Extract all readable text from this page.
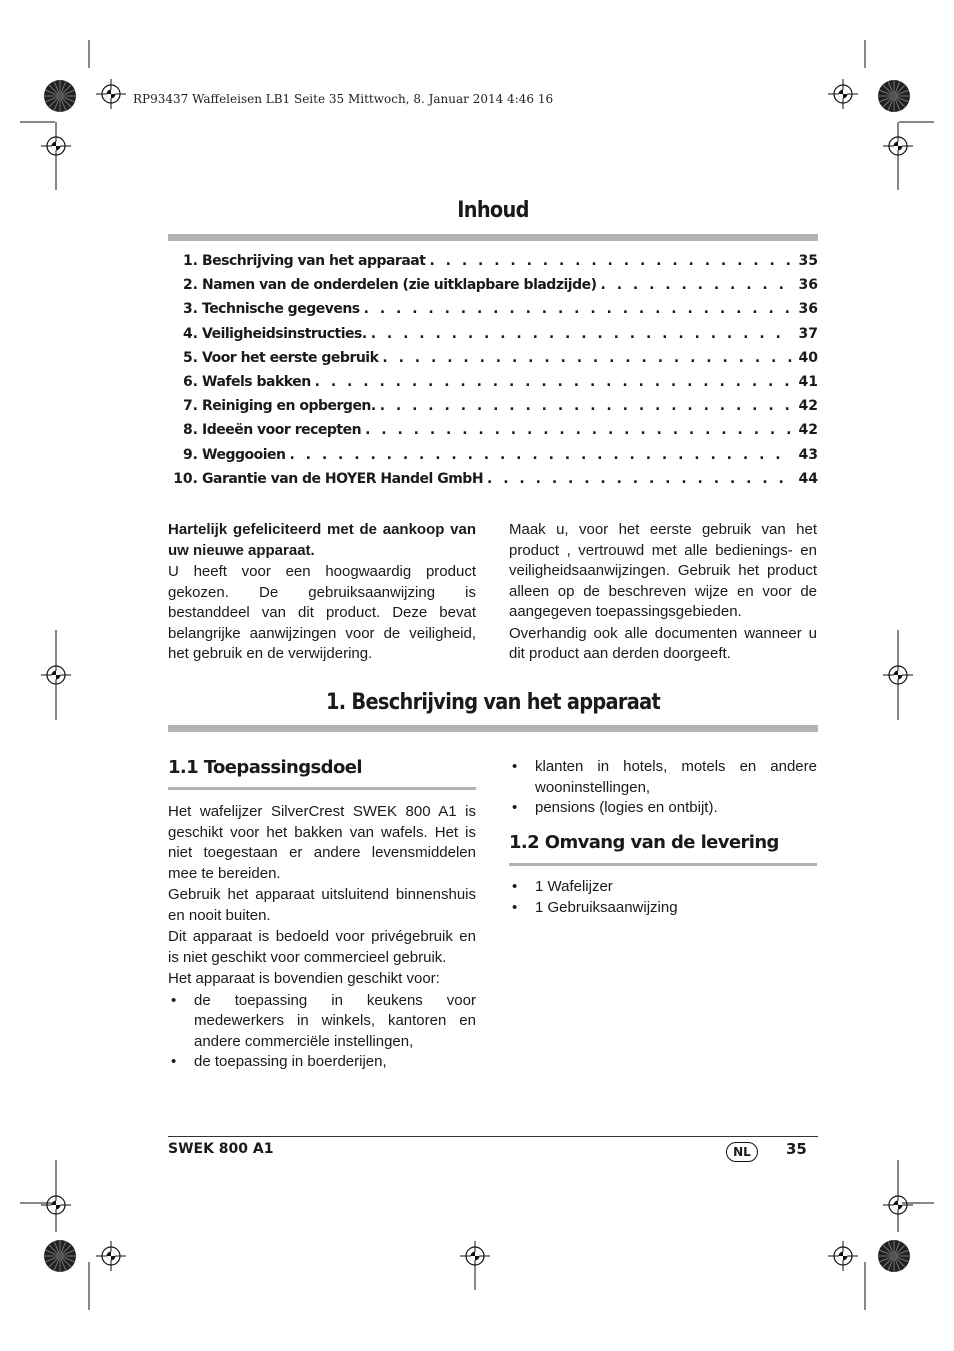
RP93437 Waffeleisen LB1 Seite 35 Mittwoch, 8. Januar 2014 4:46 16
Inhoud
1. Beschrijving van het apparaat . . .	35
2. Namen van de onderdelen (zie uitklapbare bladzijde) . . .	36
3. Technische gegevens . . .	36
4. Veiligheidsinstructies. . . .	37
5. Voor het eerste gebruik . . .	40
6. Wafels bakken . . .	41
7. Reiniging en opbergen. . . .	42
8. Ideeën voor recepten . . .	42
9. Weggooien . . .	43
10. Garantie van de HOYER Handel GmbH . . .	44

Hartelijk gefeliciteerd met de aankoop van uw nieuwe apparaat.

U heeft voor een hoogwaardig product gekozen. De gebruiksaanwijzing is bestanddeel van dit product. Deze bevat belangrijke aanwijzingen voor de veiligheid, het gebruik en de verwijdering.

Maak u, voor het eerste gebruik van het product , vertrouwd met alle bedienings- en veiligheidsaanwijzingen. Gebruik het product alleen op de beschreven wijze en voor de aangegeven toepassingsgebieden.

Overhandig ook alle documenten wanneer u dit product aan derden doorgeeft.

1. Beschrijving van het apparaat
1.1 Toepassingsdoel

Het wafelijzer SilverCrest SWEK 800 A1 is geschikt voor het bakken van wafels. Het is niet toegestaan er andere levensmiddelen mee te bereiden.

Gebruik het apparaat uitsluitend binnenshuis en nooit buiten.

Dit apparaat is bedoeld voor privégebruik en is niet geschikt voor commercieel gebruik.

Het apparaat is bovendien geschikt voor:

• de toepassing in keukens voor medewerkers in winkels, kantoren en andere commerciële instellingen,
• de toepassing in boerderijen,
• klanten in hotels, motels en andere wooninstellingen,
• pensions (logies en ontbijt).
1.2 Omvang van de levering
• 1 Wafelijzer
• 1 Gebruiksaanwijzing
SWEK 800 A1	NL	35
